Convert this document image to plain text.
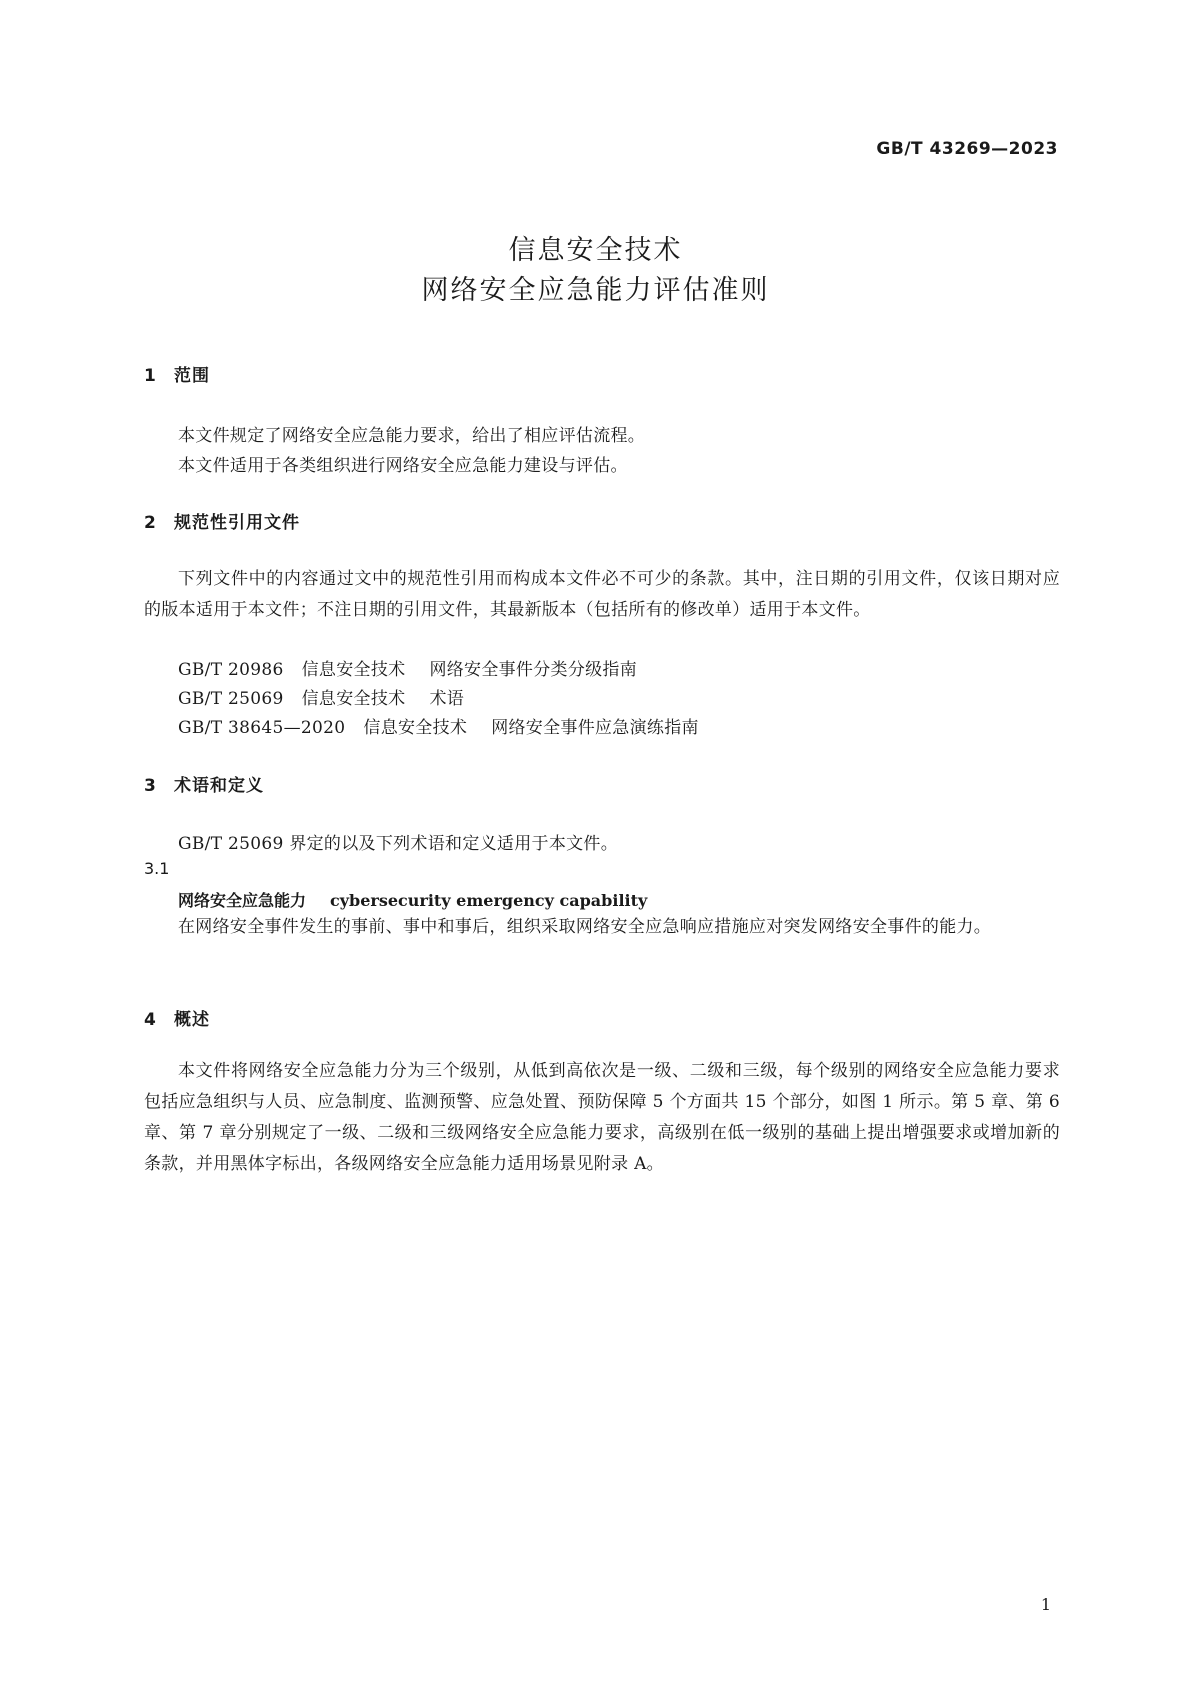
GB/T 43269—2023
信息安全技术
网络安全应急能力评估准则
1 范围
本文件规定了网络安全应急能力要求，给出了相应评估流程。
本文件适用于各类组织进行网络安全应急能力建设与评估。
2 规范性引用文件
下列文件中的内容通过文中的规范性引用而构成本文件必不可少的条款。其中，注日期的引用文件，仅该日期对应的版本适用于本文件；不注日期的引用文件，其最新版本（包括所有的修改单）适用于本文件。
GB/T 20986 信息安全技术 网络安全事件分类分级指南
GB/T 25069 信息安全技术 术语
GB/T 38645—2020 信息安全技术 网络安全事件应急演练指南
3 术语和定义
GB/T 25069 界定的以及下列术语和定义适用于本文件。
3.1
网络安全应急能力 cybersecurity emergency capability
在网络安全事件发生的事前、事中和事后，组织采取网络安全应急响应措施应对突发网络安全事件的能力。
4 概述
本文件将网络安全应急能力分为三个级别，从低到高依次是一级、二级和三级，每个级别的网络安全应急能力要求包括应急组织与人员、应急制度、监测预警、应急处置、预防保障 5 个方面共 15 个部分，如图 1 所示。第 5 章、第 6 章、第 7 章分别规定了一级、二级和三级网络安全应急能力要求，高级别在低一级别的基础上提出增强要求或增加新的条款，并用黑体字标出，各级网络安全应急能力适用场景见附录 A。
1
